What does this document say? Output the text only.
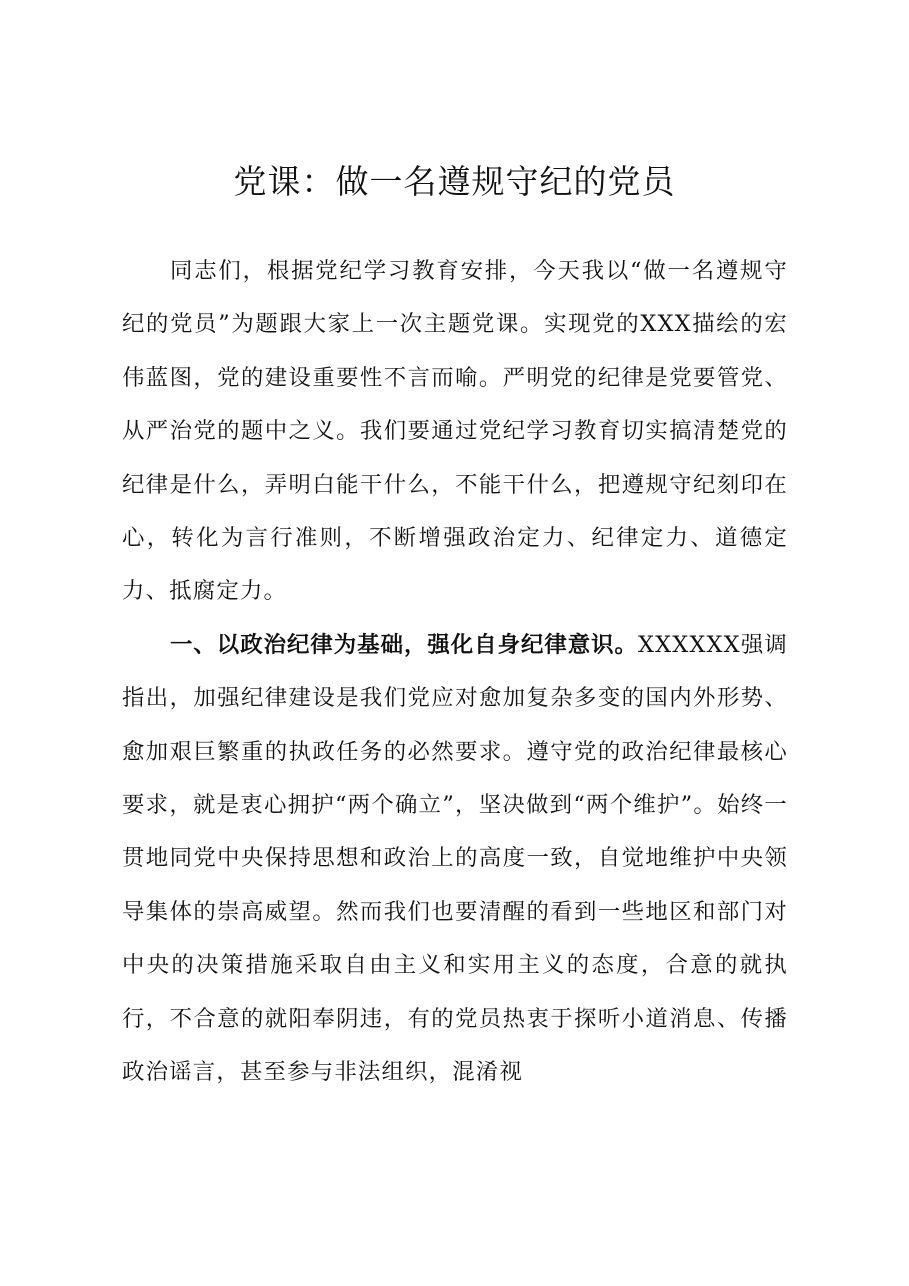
党课：做一名遵规守纪的党员

同志们，根据党纪学习教育安排，今天我以“做一名遵规守纪的党员”为题跟大家上一次主题党课。实现党的XXX描绘的宏伟蓝图，党的建设重要性不言而喻。严明党的纪律是党要管党、从严治党的题中之义。我们要通过党纪学习教育切实搞清楚党的纪律是什么，弄明白能干什么，不能干什么，把遵规守纪刻印在心，转化为言行准则，不断增强政治定力、纪律定力、道德定力、抵腐定力。

一、以政治纪律为基础，强化自身纪律意识。XXXXXX强调指出，加强纪律建设是我们党应对愈加复杂多变的国内外形势、愈加艰巨繁重的执政任务的必然要求。遵守党的政治纪律最核心要求，就是衷心拥护“两个确立”，坚决做到“两个维护”。始终一贯地同党中央保持思想和政治上的高度一致，自觉地维护中央领导集体的崇高威望。然而我们也要清醒的看到一些地区和部门对中央的决策措施采取自由主义和实用主义的态度，合意的就执行，不合意的就阳奉阴违，有的党员热衷于探听小道消息、传播政治谣言，甚至参与非法组织，混淆视
